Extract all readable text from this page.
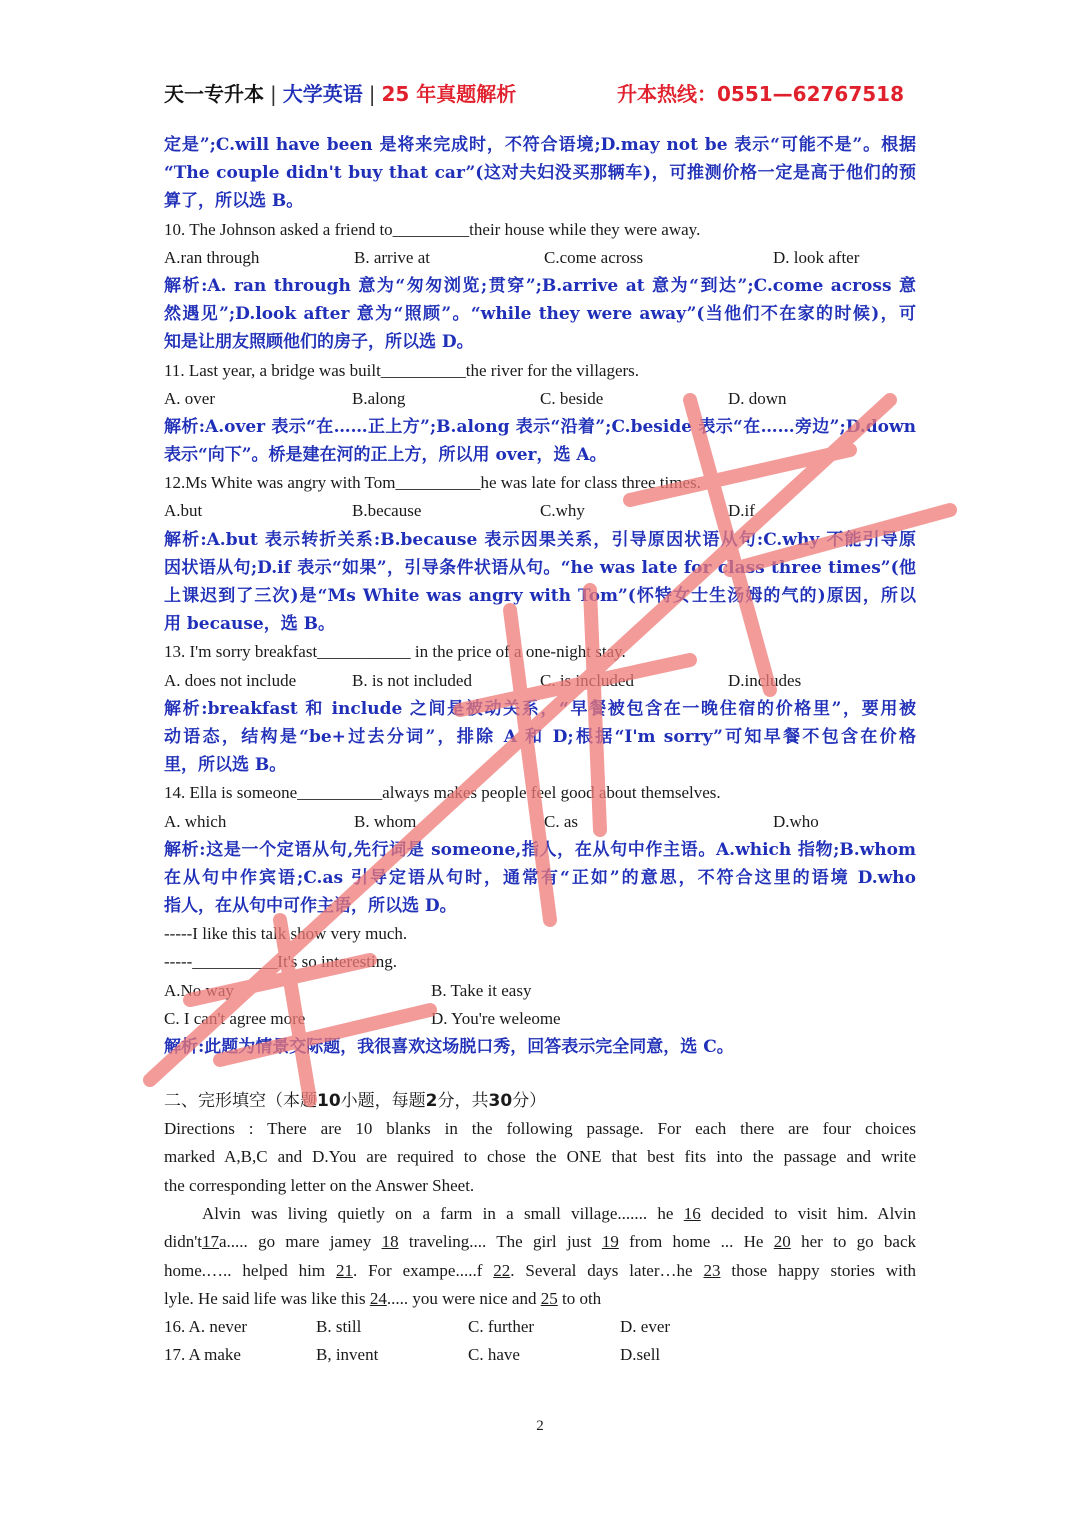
天一专升本 | 大学英语 | 25 年真题解析	升本热线：0551—62767518
定是”;C.will have been 是将来完成时，不符合语境;D.may not be 表示“可能不是”。根据
“The couple didn't buy that car”(这对夫妇没买那辆车)，可推测价格一定是高于他们的预
算了，所以选 B。
10. The Johnson asked a friend to_________their house while they were away.
A.ran through	B. arrive at	C.come across	D. look after
解析:A. ran through 意为“匆匆浏览;贯穿”;B.arrive at 意为“到达”;C.come across 意
然遇见”;D.look after 意为“照顾”。“while they were away”(当他们不在家的时候)，可
知是让朋友照顾他们的房子，所以选 D。
11. Last year, a bridge was built__________the river for the villagers.
A. over	B.along	C. beside	D. down
解析:A.over 表示“在……正上方”;B.along 表示“沿着”;C.beside 表示“在……旁边”;D.down
表示“向下”。桥是建在河的正上方，所以用 over，选 A。
12.Ms White was angry with Tom__________he was late for class three times.
A.but	B.because	C.why	D.if
解析:A.but 表示转折关系:B.because 表示因果关系，引导原因状语从句:C.why 不能引导原
因状语从句;D.if 表示“如果”，引导条件状语从句。“he was late for class three times”(他
上课迟到了三次)是“Ms White was angry with Tom”(怀特女士生汤姆的气的)原因，所以
用 because，选 B。
13. I'm sorry breakfast___________ in the price of a one-night stay.
A. does not include	B. is not included	C. is included	D.includes
解析:breakfast 和 include 之间是被动关系，“早餐被包含在一晚住宿的价格里”，要用被
动语态，结构是“be+过去分词”，排除 A 和 D;根据“I'm sorry”可知早餐不包含在价格
里，所以选 B。
14. Ella is someone__________always makes people feel good about themselves.
A. which	B. whom	C. as	D.who
解析:这是一个定语从句,先行词是 someone,指人，在从句中作主语。A.which 指物;B.whom
在从句中作宾语;C.as 引导定语从句时，通常有“正如”的意思，不符合这里的语境 D.who
指人，在从句中可作主语，所以选 D。
-----I like this talk show very much.
-----__________It's so interesting.
A.No way	B. Take it easy
C. I can't agree more	D. You're weleome
解析:此题为情景交际题，我很喜欢这场脱口秀，回答表示完全同意，选 C。
二、完形填空（本题10小题，每题2分，共30分）
Directions : There are 10 blanks in the following passage. For each there are four choices
marked A,B,C and D.You are required to chose the ONE that best fits into the passage and write
the corresponding letter on the Answer Sheet.
Alvin was living quietly on a farm in a small village....... he 16 decided to visit him. Alvin
didn't17a..... go mare jamey 18 traveling.... The girl just 19 from home ... He 20 her to go back
home.….. helped him 21. For exampe.....f 22. Several days later…he 23 those happy stories with
lyle. He said life was like this 24..... you were nice and 25 to oth
16. A. never	B. still	C. further	D. ever
17. A make	B, invent	C. have	D.sell
2
